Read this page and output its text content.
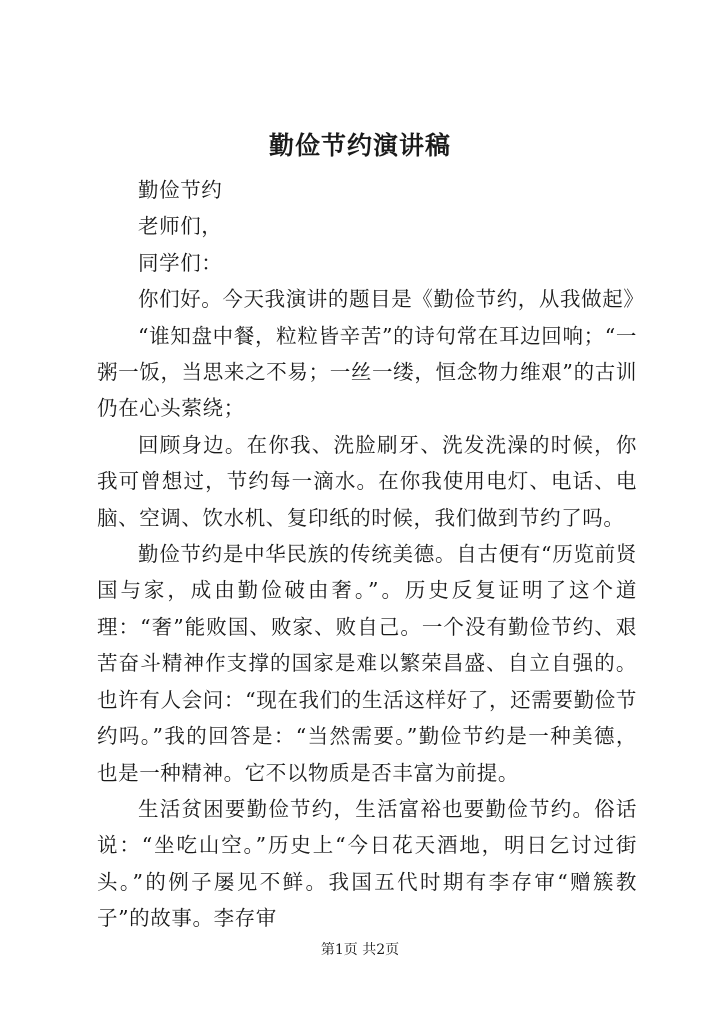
勤俭节约演讲稿

勤俭节约

老师们，

同学们：

你们好。今天我演讲的题目是《勤俭节约，从我做起》

“谁知盘中餐，粒粒皆辛苦”的诗句常在耳边回响；“一粥一饭，当思来之不易；一丝一缕，恒念物力维艰”的古训仍在心头萦绕；

回顾身边。在你我、洗脸刷牙、洗发洗澡的时候，你我可曾想过，节约每一滴水。在你我使用电灯、电话、电脑、空调、饮水机、复印纸的时候，我们做到节约了吗。

勤俭节约是中华民族的传统美德。自古便有“历览前贤国与家，成由勤俭破由奢。”。历史反复证明了这个道理：“奢”能败国、败家、败自己。一个没有勤俭节约、艰苦奋斗精神作支撑的国家是难以繁荣昌盛、自立自强的。也许有人会问：“现在我们的生活这样好了，还需要勤俭节约吗。”我的回答是：“当然需要。”勤俭节约是一种美德，也是一种精神。它不以物质是否丰富为前提。

生活贫困要勤俭节约，生活富裕也要勤俭节约。俗话说：“坐吃山空。”历史上“今日花天酒地，明日乞讨过街头。”的例子屡见不鲜。我国五代时期有李存审“赠簇教子”的故事。李存审

第1页 共2页
